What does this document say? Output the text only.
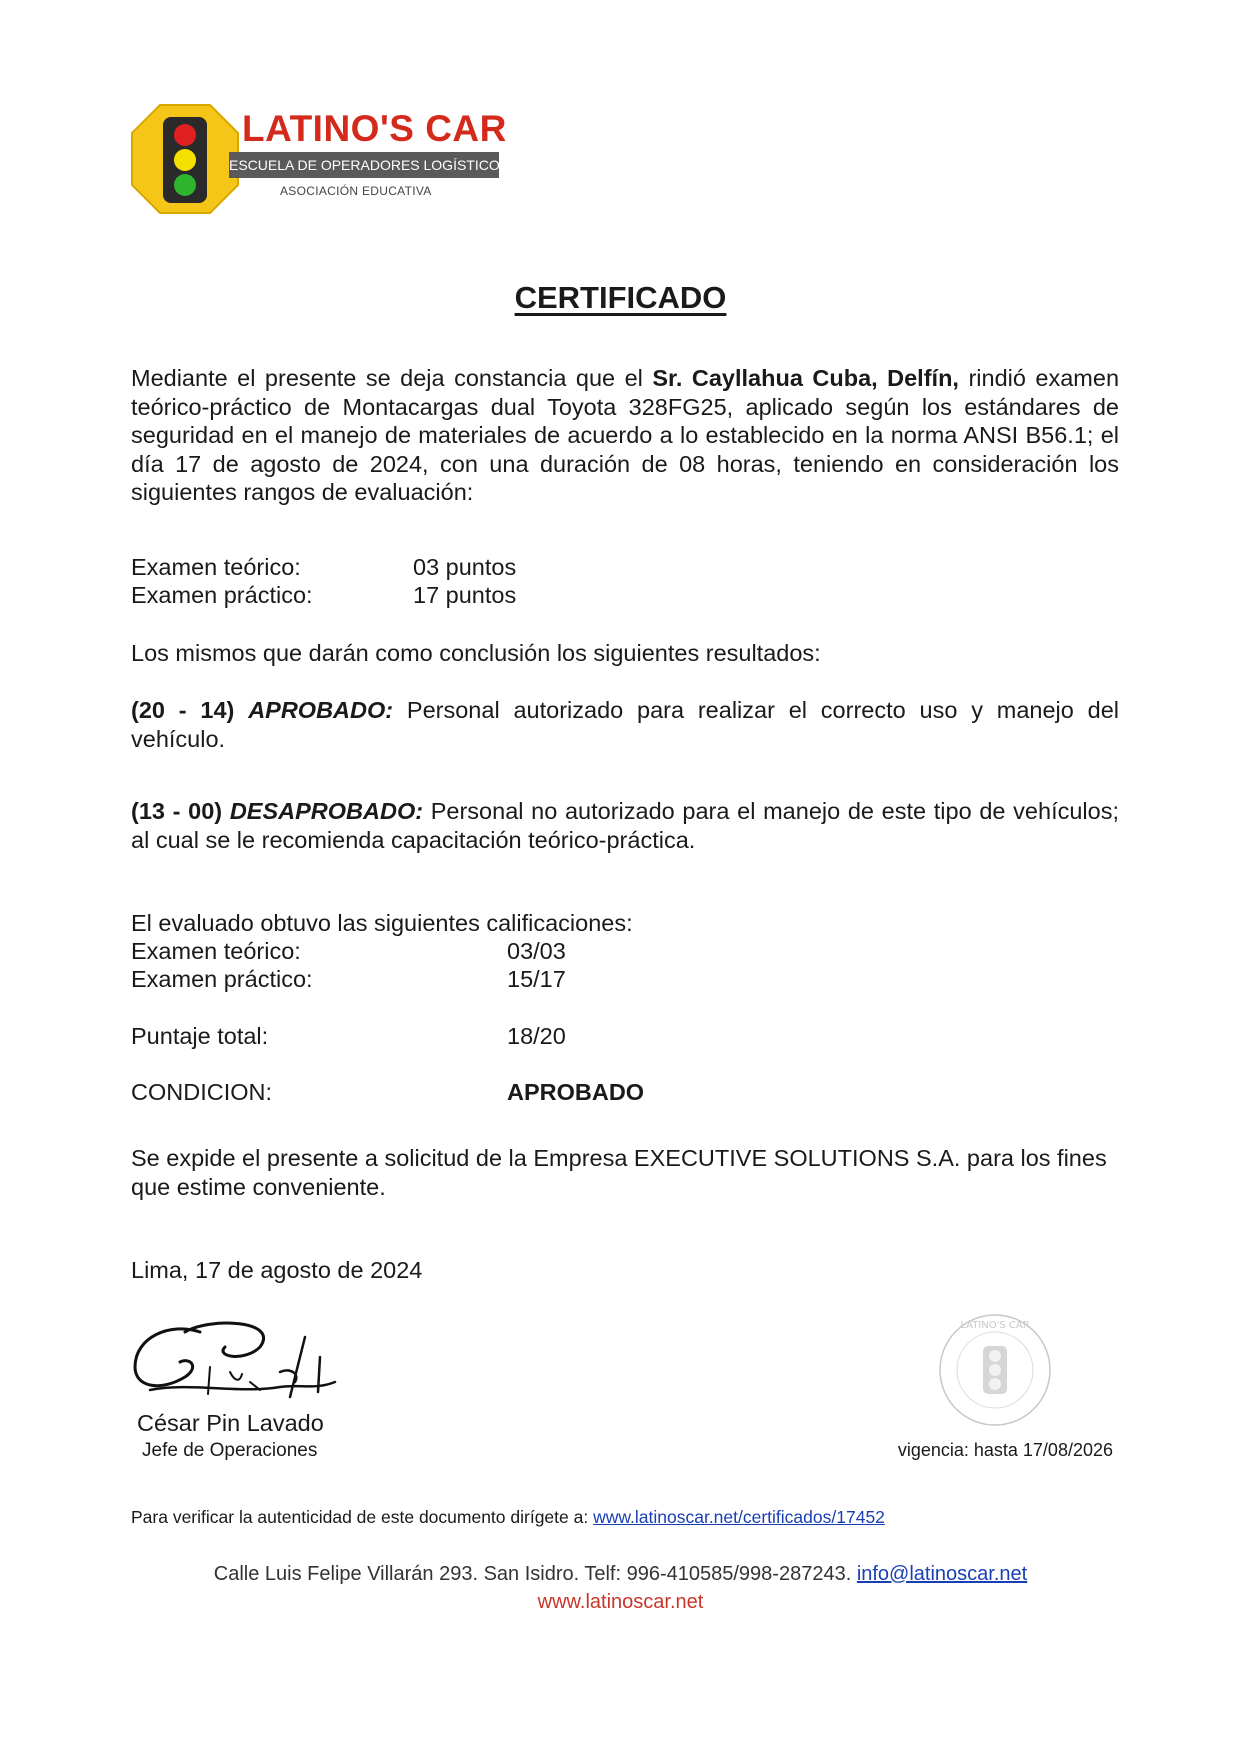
LATINO'S CAR
ESCUELA DE OPERADORES LOGÍSTICOS
ASOCIACIÓN EDUCATIVA
CERTIFICADO
Mediante el presente se deja constancia que el Sr. Cayllahua Cuba, Delfín, rindió examen teórico-práctico de Montacargas dual Toyota 328FG25, aplicado según los estándares de seguridad en el manejo de materiales de acuerdo a lo establecido en la norma ANSI B56.1; el día 17 de agosto de 2024, con una duración de 08 horas, teniendo en consideración los siguientes rangos de evaluación:
Examen teórico:	03 puntos
Examen práctico:	17 puntos
Los mismos que darán como conclusión los siguientes resultados:
(20 - 14) APROBADO: Personal autorizado para realizar el correcto uso y manejo del vehículo.
(13 - 00) DESAPROBADO: Personal no autorizado para el manejo de este tipo de vehículos; al cual se le recomienda capacitación teórico-práctica.
El evaluado obtuvo las siguientes calificaciones:
Examen teórico:	03/03
Examen práctico:	15/17
Puntaje total:	18/20
CONDICION:	APROBADO
Se expide el presente a solicitud de la Empresa EXECUTIVE SOLUTIONS S.A. para los fines que estime conveniente.
Lima, 17 de agosto de 2024
César Pin Lavado
Jefe de Operaciones
LATINO'S CAR
vigencia: hasta 17/08/2026
Para verificar la autenticidad de este documento dirígete a: www.latinoscar.net/certificados/17452
Calle Luis Felipe Villarán 293. San Isidro. Telf: 996-410585/998-287243. info@latinoscar.net
www.latinoscar.net
